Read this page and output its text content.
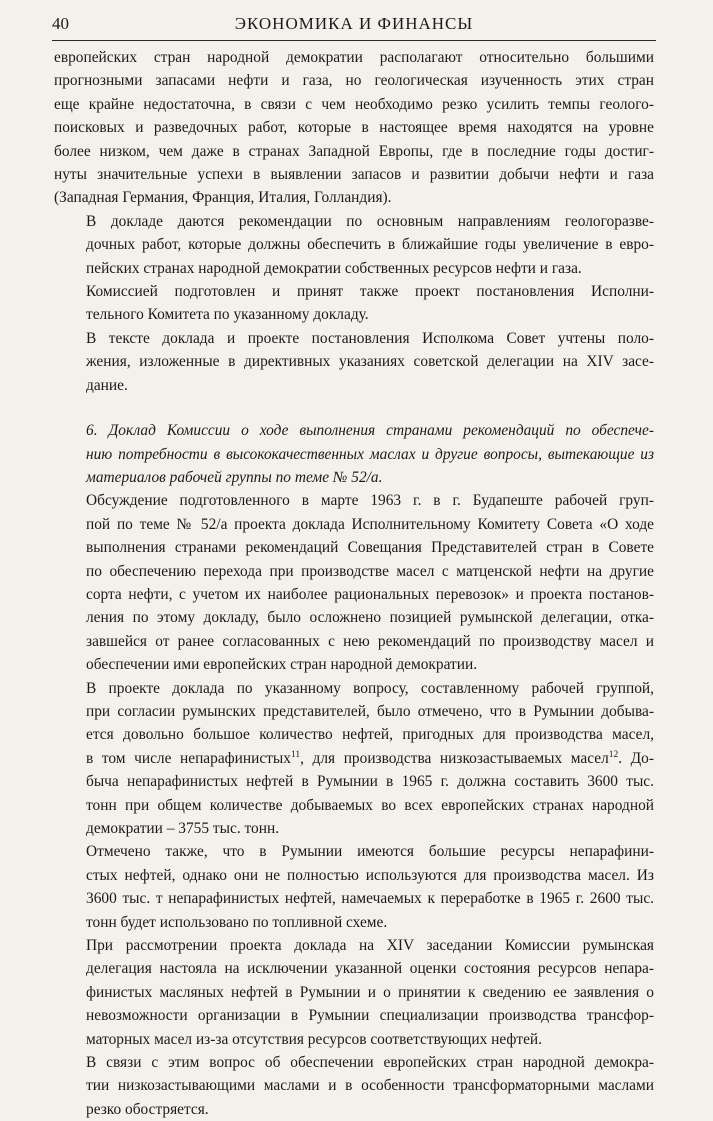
40	ЭКОНОМИКА И ФИНАНСЫ

европейских стран народной демократии располагают относительно большими
прогнозными запасами нефти и газа, но геологическая изученность этих стран
еще крайне недостаточна, в связи с чем необходимо резко усилить темпы геолого-
поисковых и разведочных работ, которые в настоящее время находятся на уровне
более низком, чем даже в странах Западной Европы, где в последние годы достиг-
нуты значительные успехи в выявлении запасов и развитии добычи нефти и газа
(Западная Германия, Франция, Италия, Голландия).

В докладе даются рекомендации по основным направлениям геологоразве-
дочных работ, которые должны обеспечить в ближайшие годы увеличение в евро-
пейских странах народной демократии собственных ресурсов нефти и газа.

Комиссией подготовлен и принят также проект постановления Исполни-
тельного Комитета по указанному докладу.

В тексте доклада и проекте постановления Исполкома Совет учтены поло-
жения, изложенные в директивных указаниях советской делегации на XIV засе-
дание.

6. Доклад Комиссии о ходе выполнения странами рекомендаций по обеспече-
нию потребности в высококачественных маслах и другие вопросы, вытекающие из
материалов рабочей группы по теме № 52/а.

Обсуждение подготовленного в марте 1963 г. в г. Будапеште рабочей груп-
пой по теме № 52/а проекта доклада Исполнительному Комитету Совета «О ходе
выполнения странами рекомендаций Совещания Представителей стран в Совете
по обеспечению перехода при производстве масел с матценской нефти на другие
сорта нефти, с учетом их наиболее рациональных перевозок» и проекта постанов-
ления по этому докладу, было осложнено позицией румынской делегации, отка-
завшейся от ранее согласованных с нею рекомендаций по производству масел и
обеспечении ими европейских стран народной демократии.

В проекте доклада по указанному вопросу, составленному рабочей группой,
при согласии румынских представителей, было отмечено, что в Румынии добыва-
ется довольно большое количество нефтей, пригодных для производства масел,
в том числе непарафинистых$^{11}$, для производства низкозастываемых масел$^{12}$. До-
быча непарафинистых нефтей в Румынии в 1965 г. должна составить 3600 тыс.
тонн при общем количестве добываемых во всех европейских странах народной
демократии – 3755 тыс. тонн.

Отмечено также, что в Румынии имеются большие ресурсы непарафини-
стых нефтей, однако они не полностью используются для производства масел. Из
3600 тыс. т непарафинистых нефтей, намечаемых к переработке в 1965 г. 2600 тыс.
тонн будет использовано по топливной схеме.

При рассмотрении проекта доклада на XIV заседании Комиссии румынская
делегация настояла на исключении указанной оценки состояния ресурсов непара-
финистых масляных нефтей в Румынии и о принятии к сведению ее заявления о
невозможности организации в Румынии специализации производства трансфор-
маторных масел из-за отсутствия ресурсов соответствующих нефтей.

В связи с этим вопрос об обеспечении европейских стран народной демокра-
тии низкозастывающими маслами и в особенности трансформаторными маслами
резко обостряется.
